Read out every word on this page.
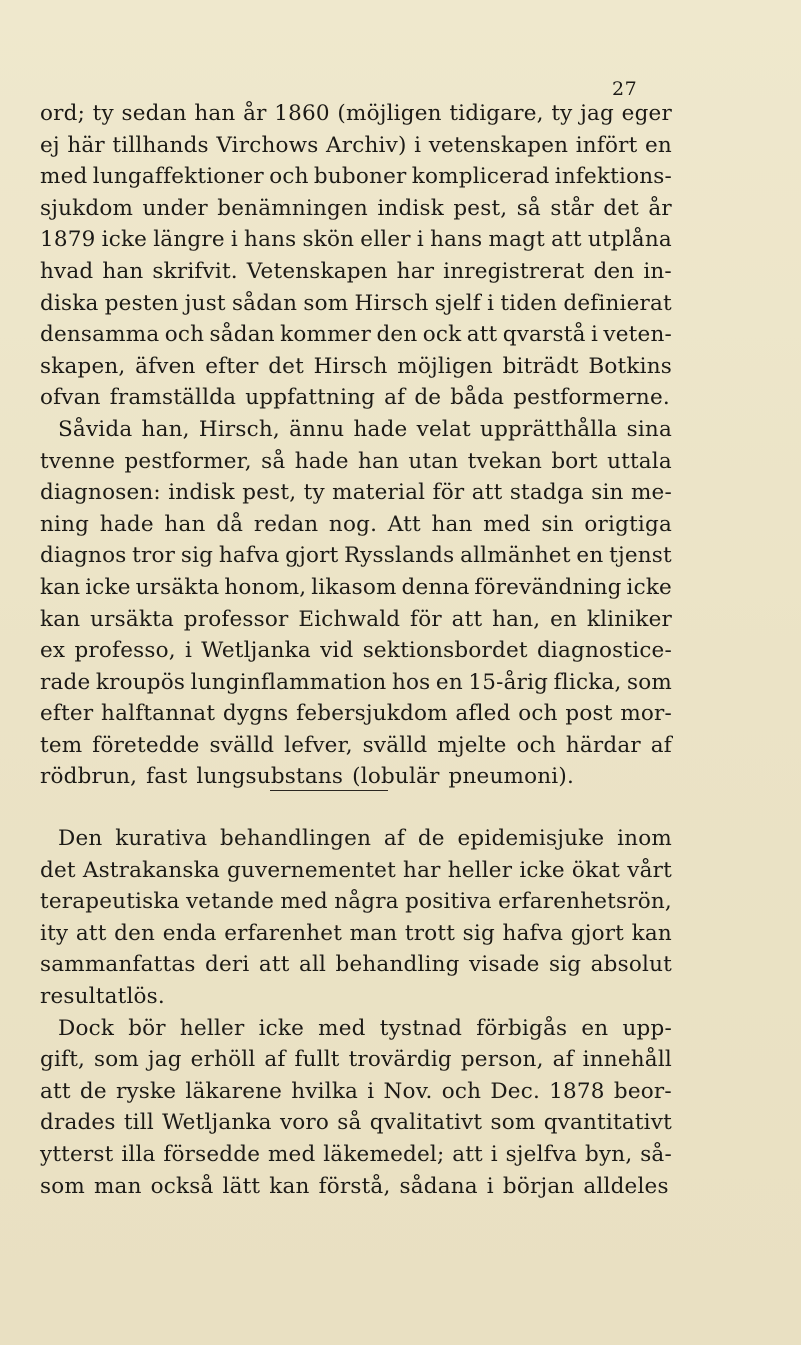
27
ord; ty sedan han år 1860 (möjligen tidigare, ty jag eger
ej här tillhands Virchows Archiv) i vetenskapen infört en
med lungaffektioner och buboner komplicerad infektions-
sjukdom under benämningen indisk pest, så står det år
1879 icke längre i hans skön eller i hans magt att utplåna
hvad han skrifvit. Vetenskapen har inregistrerat den in-
diska pesten just sådan som Hirsch sjelf i tiden definierat
densamma och sådan kommer den ock att qvarstå i veten-
skapen, äfven efter det Hirsch möjligen biträdt Botkins
ofvan framställda uppfattning af de båda pestformerne.
Såvida han, Hirsch, ännu hade velat upprätthålla sina
tvenne pestformer, så hade han utan tvekan bort uttala
diagnosen: indisk pest, ty material för att stadga sin me-
ning hade han då redan nog. Att han med sin origtiga
diagnos tror sig hafva gjort Rysslands allmänhet en tjenst
kan icke ursäkta honom, likasom denna förevändning icke
kan ursäkta professor Eichwald för att han, en kliniker
ex professo, i Wetljanka vid sektionsbordet diagnostice-
rade kroupös lunginflammation hos en 15-årig flicka, som
efter halftannat dygns febersjukdom afled och post mor-
tem företedde svälld lefver, svälld mjelte och härdar af
rödbrun, fast lungsubstans (lobulär pneumoni).
Den kurativa behandlingen af de epidemisjuke inom
det Astrakanska guvernementet har heller icke ökat vårt
terapeutiska vetande med några positiva erfarenhetsrön,
ity att den enda erfarenhet man trott sig hafva gjort kan
sammanfattas deri att all behandling visade sig absolut
resultatlös.
Dock bör heller icke med tystnad förbigås en upp-
gift, som jag erhöll af fullt trovärdig person, af innehåll
att de ryske läkarene hvilka i Nov. och Dec. 1878 beor-
drades till Wetljanka voro så qvalitativt som qvantitativt
ytterst illa försedde med läkemedel; att i sjelfva byn, så-
som man också lätt kan förstå, sådana i början alldeles
